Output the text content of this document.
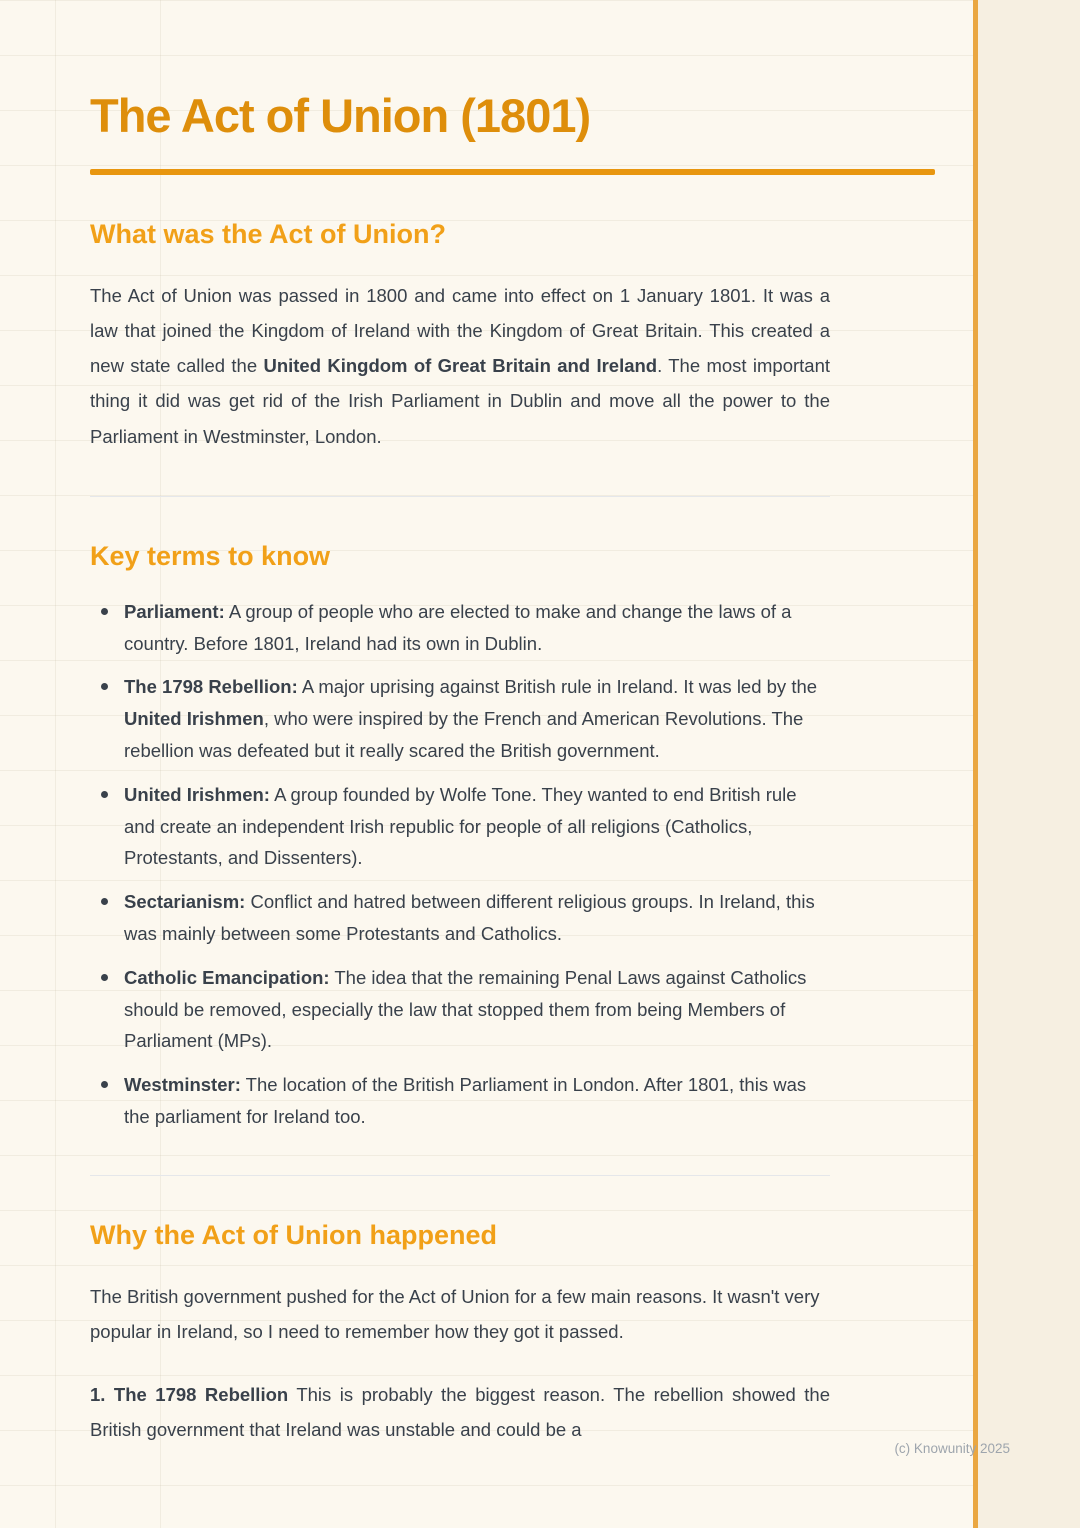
The Act of Union (1801)
What was the Act of Union?

The Act of Union was passed in 1800 and came into effect on 1 January 1801. It was a law that joined the Kingdom of Ireland with the Kingdom of Great Britain. This created a new state called the United Kingdom of Great Britain and Ireland. The most important thing it did was get rid of the Irish Parliament in Dublin and move all the power to the Parliament in Westminster, London.

Key terms to know
Parliament: A group of people who are elected to make and change the laws of a country. Before 1801, Ireland had its own in Dublin.
The 1798 Rebellion: A major uprising against British rule in Ireland. It was led by the United Irishmen, who were inspired by the French and American Revolutions. The rebellion was defeated but it really scared the British government.
United Irishmen: A group founded by Wolfe Tone. They wanted to end British rule and create an independent Irish republic for people of all religions (Catholics, Protestants, and Dissenters).
Sectarianism: Conflict and hatred between different religious groups. In Ireland, this was mainly between some Protestants and Catholics.
Catholic Emancipation: The idea that the remaining Penal Laws against Catholics should be removed, especially the law that stopped them from being Members of Parliament (MPs).
Westminster: The location of the British Parliament in London. After 1801, this was the parliament for Ireland too.
Why the Act of Union happened

The British government pushed for the Act of Union for a few main reasons. It wasn't very popular in Ireland, so I need to remember how they got it passed.

1. The 1798 Rebellion This is probably the biggest reason. The rebellion showed the British government that Ireland was unstable and could be a

(c) Knowunity 2025
